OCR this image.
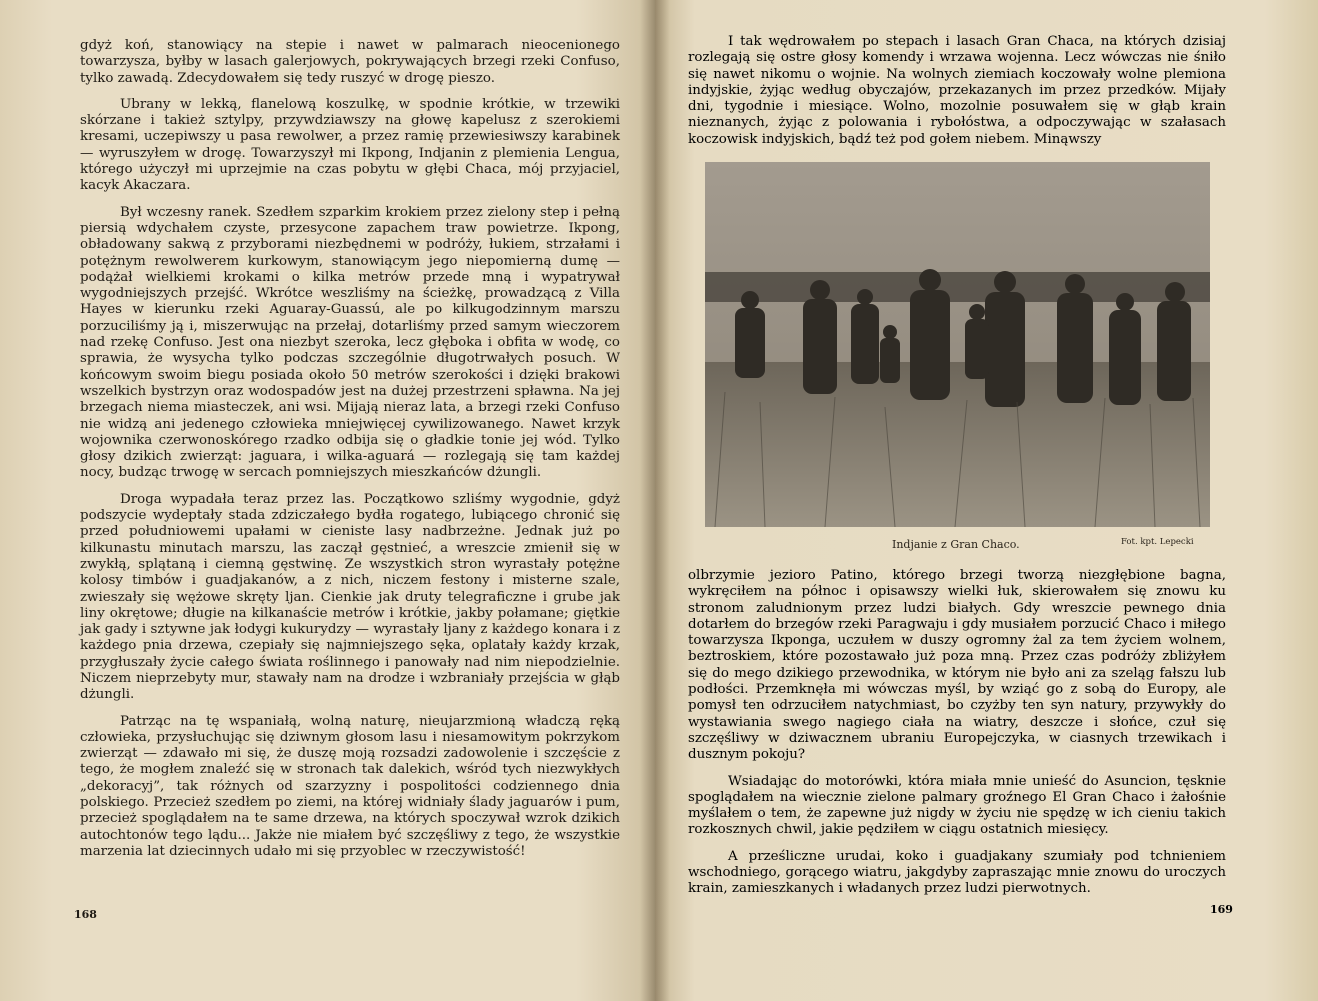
gdyż koń, stanowiący na stepie i nawet w palmarach nieocenionego towarzysza, byłby w lasach galerjowych, pokrywających brzegi rzeki Confuso, tylko zawadą. Zdecydowałem się tedy ruszyć w drogę pieszo.

Ubrany w lekką, flanelową koszulkę, w spodnie krótkie, w trzewiki skórzane i takież sztylpy, przywdziawszy na głowę kapelusz z szerokiemi kresami, uczepiwszy u pasa rewolwer, a przez ramię przewiesiwszy karabinek — wyruszyłem w drogę. Towarzyszył mi Ikpong, Indjanin z plemienia Lengua, którego użyczył mi uprzejmie na czas pobytu w głębi Chaca, mój przyjaciel, kacyk Akaczara.

Był wczesny ranek. Szedłem szparkim krokiem przez zielony step i pełną piersią wdychałem czyste, przesycone zapachem traw powietrze. Ikpong, obładowany sakwą z przyborami niezbędnemi w podróży, łukiem, strzałami i potężnym rewolwerem kurkowym, stanowiącym jego niepomierną dumę — podążał wielkiemi krokami o kilka metrów przede mną i wypatrywał wygodniejszych przejść. Wkrótce weszliśmy na ścieżkę, prowadzącą z Villa Hayes w kierunku rzeki Aguaray-Guassú, ale po kilkugodzinnym marszu porzuciliśmy ją i, miszerwując na przełaj, dotarliśmy przed samym wieczorem nad rzekę Confuso. Jest ona niezbyt szeroka, lecz głęboka i obfita w wodę, co sprawia, że wysycha tylko podczas szczególnie długotrwałych posuch. W końcowym swoim biegu posiada około 50 metrów szerokości i dzięki brakowi wszelkich bystrzyn oraz wodospadów jest na dużej przestrzeni spławna. Na jej brzegach niema miasteczek, ani wsi. Mijają nieraz lata, a brzegi rzeki Confuso nie widzą ani jedenego człowieka mniejwięcej cywilizowanego. Nawet krzyk wojownika czerwonoskórego rzadko odbija się o gładkie tonie jej wód. Tylko głosy dzikich zwierząt: jaguara, i wilka-aguará — rozlegają się tam każdej nocy, budząc trwogę w sercach pomniejszych mieszkańców dżungli.

Droga wypadała teraz przez las. Początkowo szliśmy wygodnie, gdyż podszycie wydeptały stada zdziczałego bydła rogatego, lubiącego chronić się przed południowemi upałami w cieniste lasy nadbrzeżne. Jednak już po kilkunastu minutach marszu, las zaczął gęstnieć, a wreszcie zmienił się w zwykłą, splątaną i ciemną gęstwinę. Ze wszystkich stron wyrastały potężne kolosy timbów i guadjakanów, a z nich, niczem festony i misterne szale, zwieszały się wężowe skręty ljan. Cienkie jak druty telegraficzne i grube jak liny okrętowe; długie na kilkanaście metrów i krótkie, jakby połamane; giętkie jak gady i sztywne jak łodygi kukurydzy — wyrastały ljany z każdego konara i z każdego pnia drzewa, czepiały się najmniejszego sęka, oplatały każdy krzak, przygłuszały życie całego świata roślinnego i panowały nad nim niepodzielnie. Niczem nieprzebyty mur, stawały nam na drodze i wzbraniały przejścia w głąb dżungli.

Patrząc na tę wspaniałą, wolną naturę, nieujarzmioną władczą ręką człowieka, przysłuchując się dziwnym głosom lasu i niesamowitym pokrzykom zwierząt — zdawało mi się, że duszę moją rozsadzi zadowolenie i szczęście z tego, że mogłem znaleźć się w stronach tak dalekich, wśród tych niezwykłych „dekoracyj”, tak różnych od szarzyzny i pospolitości codziennego dnia polskiego. Przecież szedłem po ziemi, na której widniały ślady jaguarów i pum, przecież spoglądałem na te same drzewa, na których spoczywał wzrok dzikich autochtonów tego lądu... Jakże nie miałem być szczęśliwy z tego, że wszystkie marzenia lat dziecinnych udało mi się przyoblec w rzeczywistość!

168

I tak wędrowałem po stepach i lasach Gran Chaca, na których dzisiaj rozlegają się ostre głosy komendy i wrzawa wojenna. Lecz wówczas nie śniło się nawet nikomu o wojnie. Na wolnych ziemiach koczowały wolne plemiona indyjskie, żyjąc według obyczajów, przekazanych im przez przedków. Mijały dni, tygodnie i miesiące. Wolno, mozolnie posuwałem się w głąb krain nieznanych, żyjąc z polowania i rybołóstwa, a odpoczywając w szałasach koczowisk indyjskich, bądź też pod gołem niebem. Minąwszy

Indjanie z Gran Chaco.	Fot. kpt. Lepecki

olbrzymie jezioro Patino, którego brzegi tworzą niezgłębione bagna, wykręciłem na północ i opisawszy wielki łuk, skierowałem się znowu ku stronom zaludnionym przez ludzi białych. Gdy wreszcie pewnego dnia dotarłem do brzegów rzeki Paragwaju i gdy musiałem porzucić Chaco i miłego towarzysza Ikponga, uczułem w duszy ogromny żal za tem życiem wolnem, beztroskiem, które pozostawało już poza mną. Przez czas podróży zbliżyłem się do mego dzikiego przewodnika, w którym nie było ani za szeląg fałszu lub podłości. Przemknęła mi wówczas myśl, by wziąć go z sobą do Europy, ale pomysł ten odrzuciłem natychmiast, bo czyżby ten syn natury, przywykły do wystawiania swego nagiego ciała na wiatry, deszcze i słońce, czuł się szczęśliwy w dziwacznem ubraniu Europejczyka, w ciasnych trzewikach i dusznym pokoju?

Wsiadając do motorówki, która miała mnie unieść do Asuncion, tęsknie spoglądałem na wiecznie zielone palmary groźnego El Gran Chaco i żałośnie myślałem o tem, że zapewne już nigdy w życiu nie spędzę w ich cieniu takich rozkosznych chwil, jakie pędziłem w ciągu ostatnich miesięcy.

A prześliczne urudai, koko i guadjakany szumiały pod tchnieniem wschodniego, gorącego wiatru, jakgdyby zapraszając mnie znowu do uroczych krain, zamieszkanych i władanych przez ludzi pierwotnych.

169
